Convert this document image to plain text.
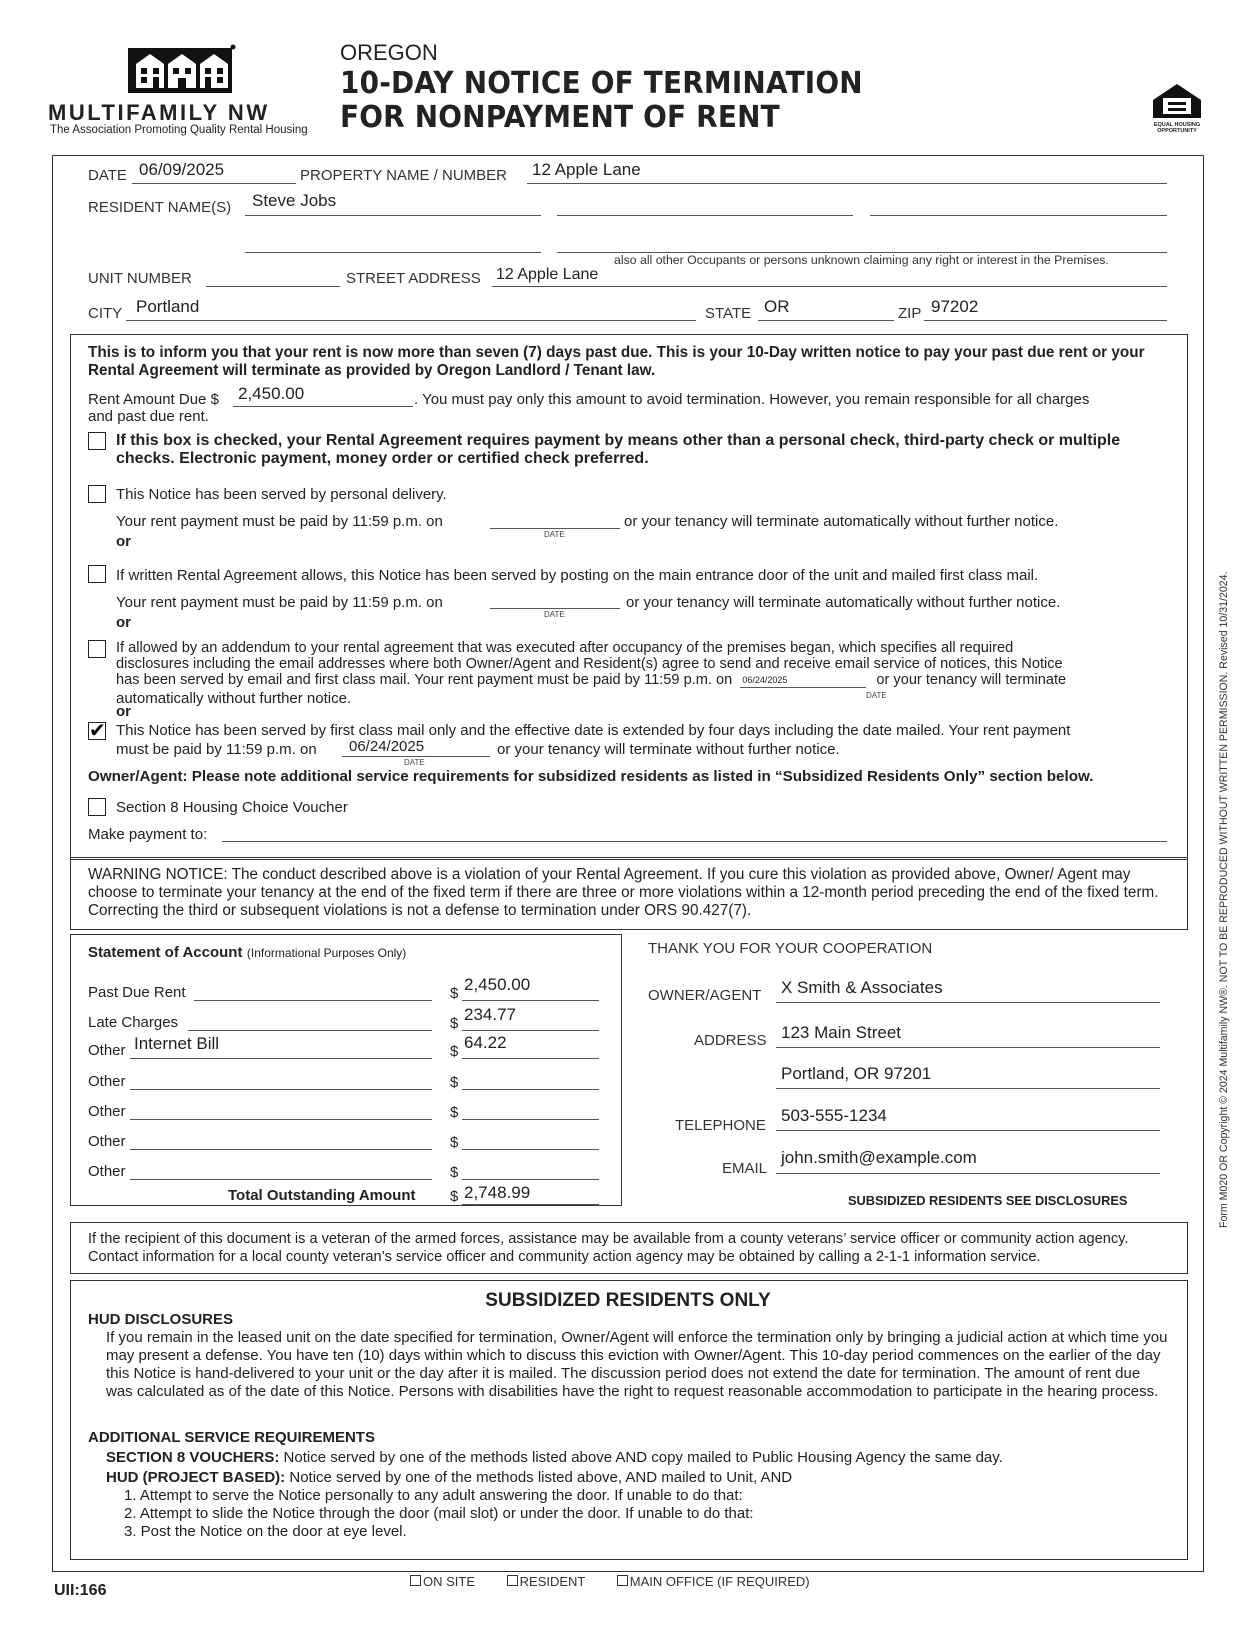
MULTIFAMILY NW
The Association Promoting Quality Rental Housing
OREGON
10-DAY NOTICE OF TERMINATION
FOR NONPAYMENT OF RENT	EQUAL HOUSING OPPORTUNITY
DATE 06/09/2025	PROPERTY NAME / NUMBER 12 Apple Lane
RESIDENT NAME(S) Steve Jobs
also all other Occupants or persons unknown claiming any right or interest in the Premises.
UNIT NUMBER	STREET ADDRESS 12 Apple Lane
CITY Portland	STATE OR	ZIP 97202
This is to inform you that your rent is now more than seven (7) days past due. This is your 10-Day written notice to pay your past due rent or your Rental Agreement will terminate as provided by Oregon Landlord / Tenant law.
Rent Amount Due $ 2,450.00	. You must pay only this amount to avoid termination. However, you remain responsible for all charges
and past due rent.
If this box is checked, your Rental Agreement requires payment by means other than a personal check, third-party check or multiple checks. Electronic payment, money order or certified check preferred.
This Notice has been served by personal delivery.
Your rent payment must be paid by 11:59 p.m. on
DATE
or your tenancy will terminate automatically without further notice.
or
If written Rental Agreement allows, this Notice has been served by posting on the main entrance door of the unit and mailed first class mail.
Your rent payment must be paid by 11:59 p.m. on
DATE
or your tenancy will terminate automatically without further notice.
or
If allowed by an addendum to your rental agreement that was executed after occupancy of the premises began, which specifies all required
disclosures including the email addresses where both Owner/Agent and Resident(s) agree to send and receive email service of notices, this Notice
has been served by email and first class mail. Your rent payment must be paid by 11:59 p.m. on 06/24/2025	or your tenancy will terminate
DATE
automatically without further notice.
or
✔
This Notice has been served by first class mail only and the effective date is extended by four days including the date mailed. Your rent payment
must be paid by 11:59 p.m. on 06/24/2025
DATE
or your tenancy will terminate without further notice.
Owner/Agent: Please note additional service requirements for subsidized residents as listed in “Subsidized Residents Only” section below.
Section 8 Housing Choice Voucher
Make payment to:
WARNING NOTICE: The conduct described above is a violation of your Rental Agreement. If you cure this violation as provided above, Owner/ Agent may choose to terminate your tenancy at the end of the fixed term if there are three or more violations within a 12-month period preceding the end of the fixed term. Correcting the third or subsequent violations is not a defense to termination under ORS 90.427(7).
Statement of Account (Informational Purposes Only)
Past Due Rent	$ 2,450.00
Late Charges	$ 234.77
Other Internet Bill	$ 64.22
Other	$
Other	$
Other	$
Other	$
Total Outstanding Amount $ 2,748.99
THANK YOU FOR YOUR COOPERATION
OWNER/AGENT X Smith & Associates
ADDRESS 123 Main Street
Portland, OR 97201
TELEPHONE
503-555-1234
EMAIL
john.smith@example.com
SUBSIDIZED RESIDENTS SEE DISCLOSURES
If the recipient of this document is a veteran of the armed forces, assistance may be available from a county veterans’ service officer or community action agency. Contact information for a local county veteran’s service officer and community action agency may be obtained by calling a 2-1-1 information service.
SUBSIDIZED RESIDENTS ONLY
HUD DISCLOSURES
If you remain in the leased unit on the date specified for termination, Owner/Agent will enforce the termination only by bringing a judicial action at which time you may present a defense. You have ten (10) days within which to discuss this eviction with Owner/Agent. This 10-day period commences on the earlier of the day this Notice is hand-delivered to your unit or the day after it is mailed. The discussion period does not extend the date for termination. The amount of rent due was calculated as of the date of this Notice. Persons with disabilities have the right to request reasonable accommodation to participate in the hearing process.
ADDITIONAL SERVICE REQUIREMENTS
SECTION 8 VOUCHERS: Notice served by one of the methods listed above AND copy mailed to Public Housing Agency the same day.
HUD (PROJECT BASED): Notice served by one of the methods listed above, AND mailed to Unit, AND
1. Attempt to serve the Notice personally to any adult answering the door. If unable to do that:
2. Attempt to slide the Notice through the door (mail slot) or under the door. If unable to do that:
3. Post the Notice on the door at eye level.
UII:166
ON SITE	RESIDENT	MAIN OFFICE (IF REQUIRED)
Form M020 OR Copyright © 2024 Multifamily NW®. NOT TO BE REPRODUCED WITHOUT WRITTEN PERMISSION. Revised 10/31/2024.
